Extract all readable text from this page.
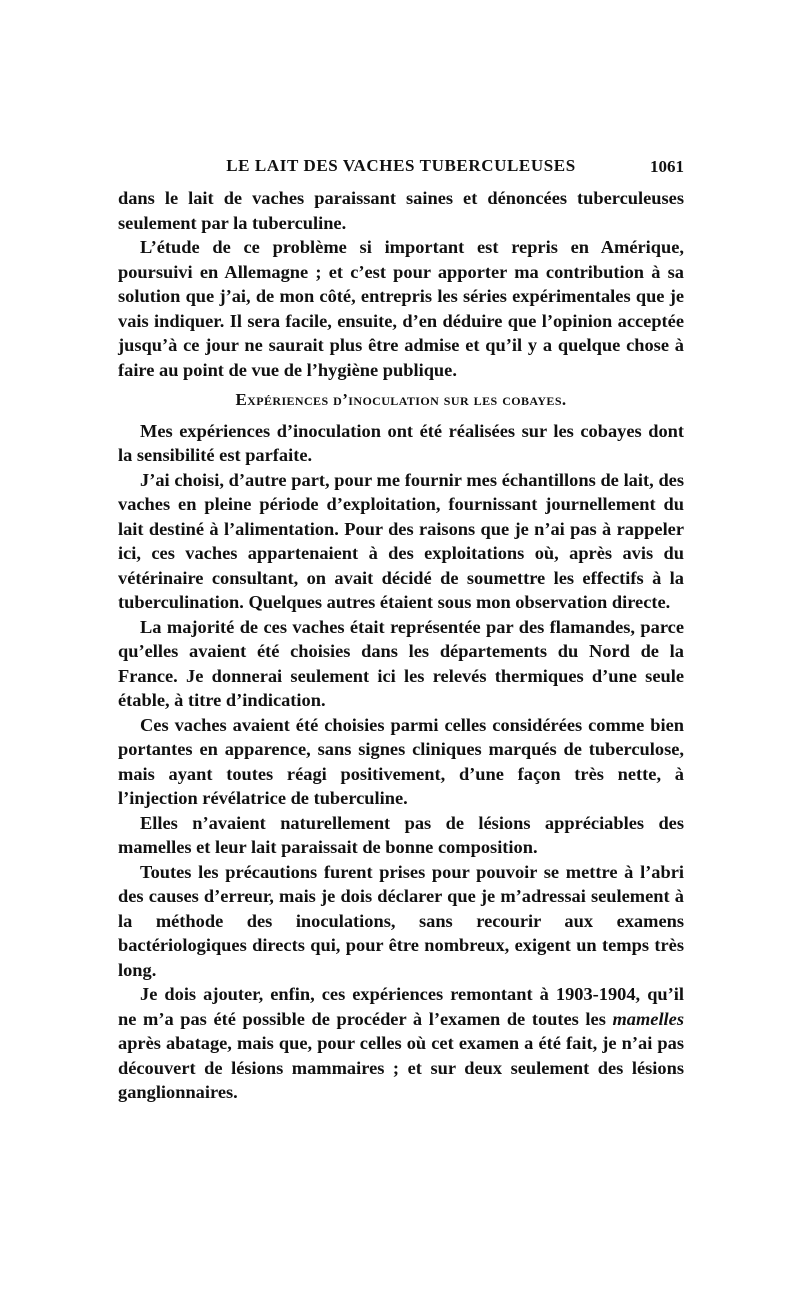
LE LAIT DES VACHES TUBERCULEUSES	1061

dans le lait de vaches paraissant saines et dénoncées tuberculeuses seulement par la tuberculine.

L’étude de ce problème si important est repris en Amérique, poursuivi en Allemagne ; et c’est pour apporter ma contribution à sa solution que j’ai, de mon côté, entrepris les séries expérimentales que je vais indiquer. Il sera facile, ensuite, d’en déduire que l’opinion acceptée jusqu’à ce jour ne saurait plus être admise et qu’il y a quelque chose à faire au point de vue de l’hygiène publique.

Expériences d’inoculation sur les cobayes.

Mes expériences d’inoculation ont été réalisées sur les cobayes dont la sensibilité est parfaite.

J’ai choisi, d’autre part, pour me fournir mes échantillons de lait, des vaches en pleine période d’exploitation, fournissant journellement du lait destiné à l’alimentation. Pour des raisons que je n’ai pas à rappeler ici, ces vaches appartenaient à des exploitations où, après avis du vétérinaire consultant, on avait décidé de soumettre les effectifs à la tuberculination. Quelques autres étaient sous mon observation directe.

La majorité de ces vaches était représentée par des flamandes, parce qu’elles avaient été choisies dans les départements du Nord de la France. Je donnerai seulement ici les relevés thermiques d’une seule étable, à titre d’indication.

Ces vaches avaient été choisies parmi celles considérées comme bien portantes en apparence, sans signes cliniques marqués de tuberculose, mais ayant toutes réagi positivement, d’une façon très nette, à l’injection révélatrice de tuberculine.

Elles n’avaient naturellement pas de lésions appréciables des mamelles et leur lait paraissait de bonne composition.

Toutes les précautions furent prises pour pouvoir se mettre à l’abri des causes d’erreur, mais je dois déclarer que je m’adressai seulement à la méthode des inoculations, sans recourir aux examens bactériologiques directs qui, pour être nombreux, exigent un temps très long.

Je dois ajouter, enfin, ces expériences remontant à 1903-1904, qu’il ne m’a pas été possible de procéder à l’examen de toutes les mamelles après abatage, mais que, pour celles où cet examen a été fait, je n’ai pas découvert de lésions mammaires ; et sur deux seulement des lésions ganglionnaires.
